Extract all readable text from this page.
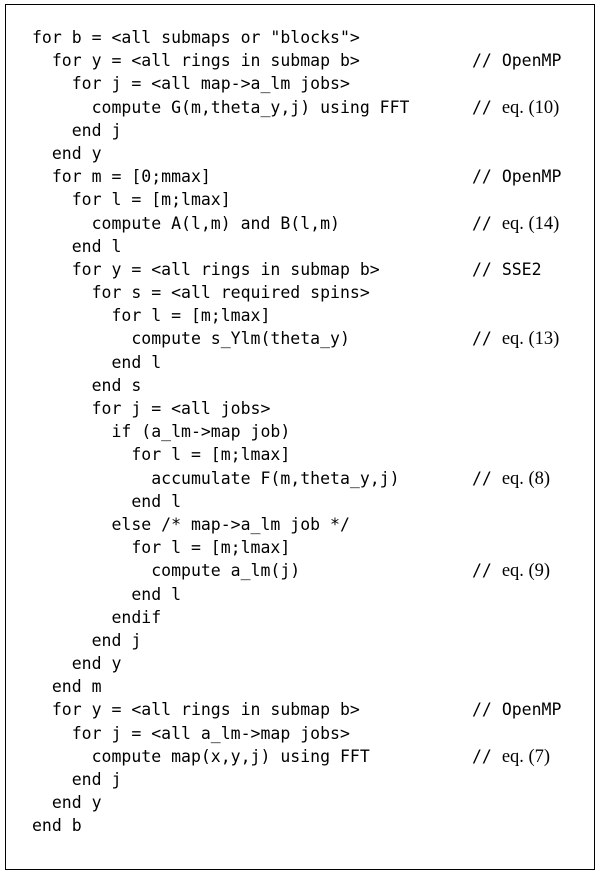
for b = <all submaps or "blocks">
for y = <all rings in submap b>	// OpenMP
for j = <all map->a_lm jobs>
compute G(m,theta_y,j) using FFT	// eq. (10)
end j
end y
for m = [0;mmax]	// OpenMP
for l = [m;lmax]
compute A(l,m) and B(l,m)	// eq. (14)
end l
for y = <all rings in submap b>	// SSE2
for s = <all required spins>
for l = [m;lmax]
compute s_Ylm(theta_y)	// eq. (13)
end l
end s
for j = <all jobs>
if (a_lm->map job)
for l = [m;lmax]
accumulate F(m,theta_y,j)	// eq. (8)
end l
else /* map->a_lm job */
for l = [m;lmax]
compute a_lm(j)	// eq. (9)
end l
endif
end j
end y
end m
for y = <all rings in submap b>	// OpenMP
for j = <all a_lm->map jobs>
compute map(x,y,j) using FFT	// eq. (7)
end j
end y
end b
